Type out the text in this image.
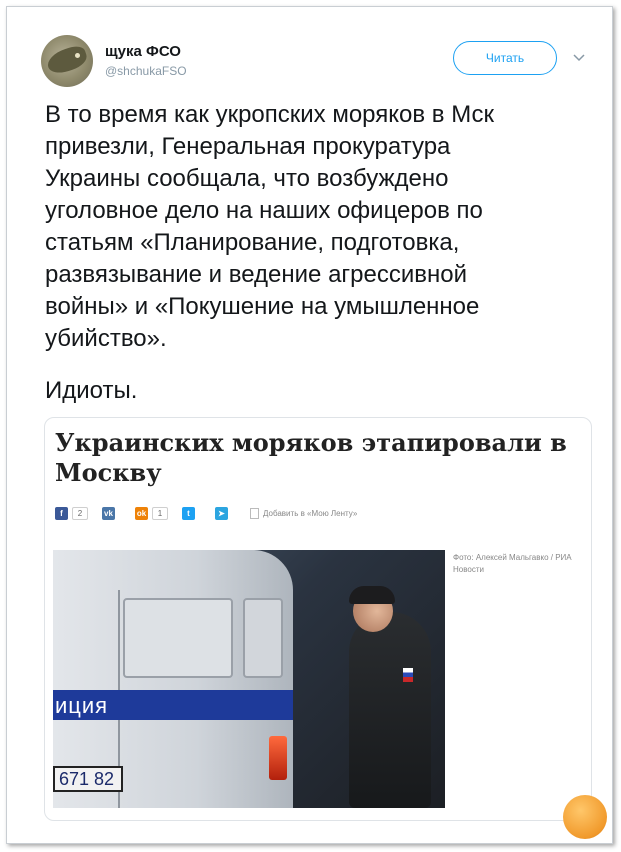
щука ФСО
@shchukaFSO
Читать
В то время как укропских моряков в Мск
привезли, Генеральная прокуратура
Украины сообщала, что возбуждено
уголовное дело на наших офицеров по
статьям «Планирование, подготовка,
развязывание и ведение агрессивной
войны» и «Покушение на умышленное
убийство».
Идиоты.
Украинских моряков этапировали в Москву
f	2	vk	ok	1	t	➤	Добавить в «Мою Ленту»
иция
671 82
Фото: Алексей Мальгавко / РИА Новости
